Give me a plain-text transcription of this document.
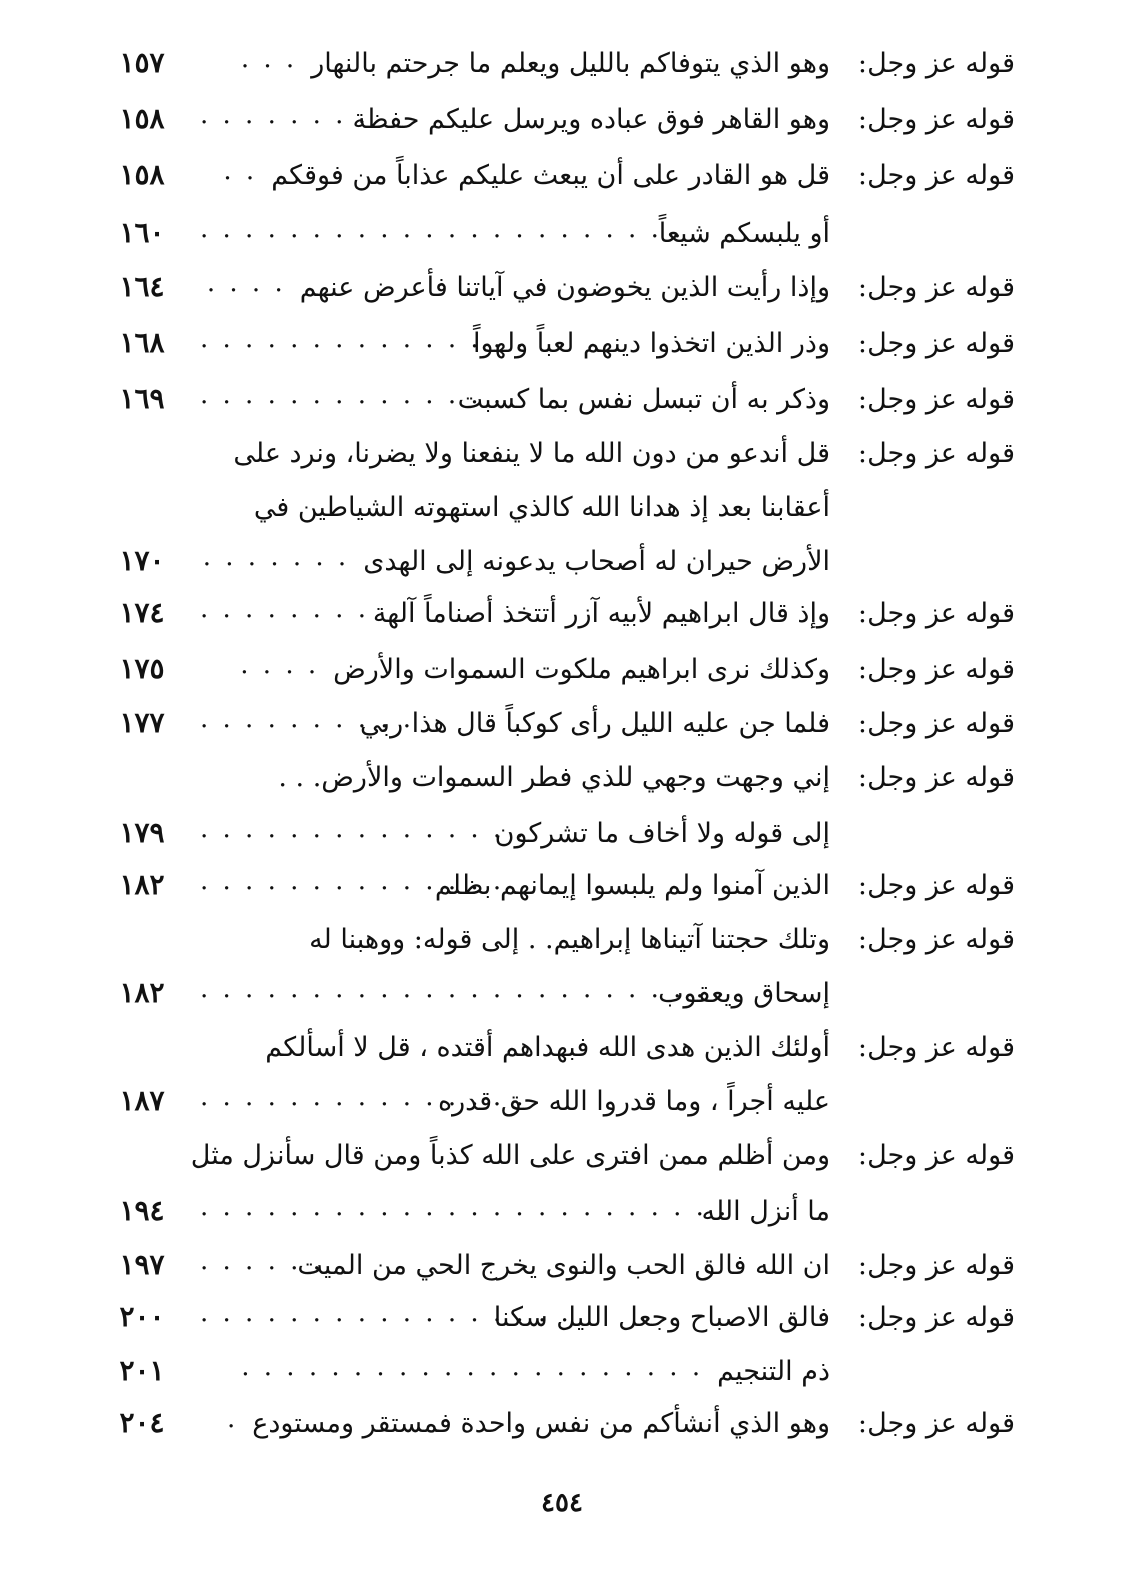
قوله عز وجل
:
وهو الذي يتوفاكم بالليل ويعلم ما جرحتم بالنهار
. . .
١٥٧
قوله عز وجل
:
وهو القاهر فوق عباده ويرسل عليكم حفظة
. . . . . . . .
١٥٨
قوله عز وجل
:
قل هو القادر على أن يبعث عليكم عذاباً من فوقكم
. .
١٥٨
أو يلبسكم شيعاً
. . . . . . . . . . . . . . . . . . . . . .
١٦٠
قوله عز وجل
:
وإذا رأيت الذين يخوضون في آياتنا فأعرض عنهم
. . . .
١٦٤
قوله عز وجل
:
وذر الذين اتخذوا دينهم لعباً ولهواً
. . . . . . . . . . . . . . .
١٦٨
قوله عز وجل
:
وذكر به أن تبسل نفس بما كسبت
. . . . . . . . . . . . . .
١٦٩
قوله عز وجل
:
قل أندعو من دون الله ما لا ينفعنا ولا يضرنا، ونرد على
أعقابنا بعد إذ هدانا الله كالذي استهوته الشياطين في
الأرض حيران له أصحاب يدعونه إلى الهدى
. . . . . . .
١٧٠
قوله عز وجل
:
وإذ قال ابراهيم لأبيه آزر أتتخذ أصناماً آلهة
. . . . . . . .
١٧٤
قوله عز وجل
:
وكذلك نرى ابراهيم ملكوت السموات والأرض
. . . .
١٧٥
قوله عز وجل
:
فلما جن عليه الليل رأى كوكباً قال هذا ربي
. . . . . . . . . .
١٧٧
قوله عز وجل
:
إني وجهت وجهي للذي فطر السموات والأرض. . .
إلى قوله ولا أخاف ما تشركون
. . . . . . . . . . . . . . .
١٧٩
قوله عز وجل
:
الذين آمنوا ولم يلبسوا إيمانهم بظلم
. . . . . . . . . . . . . .
١٨٢
قوله عز وجل
:
وتلك حجتنا آتيناها إبراهيم. . إلى قوله: ووهبنا له
إسحاق ويعقوب
. . . . . . . . . . . . . . . . . . . . . . .
١٨٢
قوله عز وجل
:
أولئك الذين هدى الله فبهداهم أقتده ، قل لا أسألكم
عليه أجراً ، وما قدروا الله حق قدره
. . . . . . . . . . . . . . .
١٨٧
قوله عز وجل
:
ومن أظلم ممن افترى على الله كذباً ومن قال سأنزل مثل
ما أنزل الله
. . . . . . . . . . . . . . . . . . . . . . . .
١٩٤
قوله عز وجل
:
ان الله فالق الحب والنوى يخرج الحي من الميت
. . . . . .
١٩٧
قوله عز وجل
:
فالق الاصباح وجعل الليل سكنا
. . . . . . . . . . . . . . . . .
٢٠٠
ذم التنجيم
. . . . . . . . . . . . . . . . . . . . .
٢٠١
قوله عز وجل
:
وهو الذي أنشأكم من نفس واحدة فمستقر ومستودع
.
٢٠٤
٤٥٤
